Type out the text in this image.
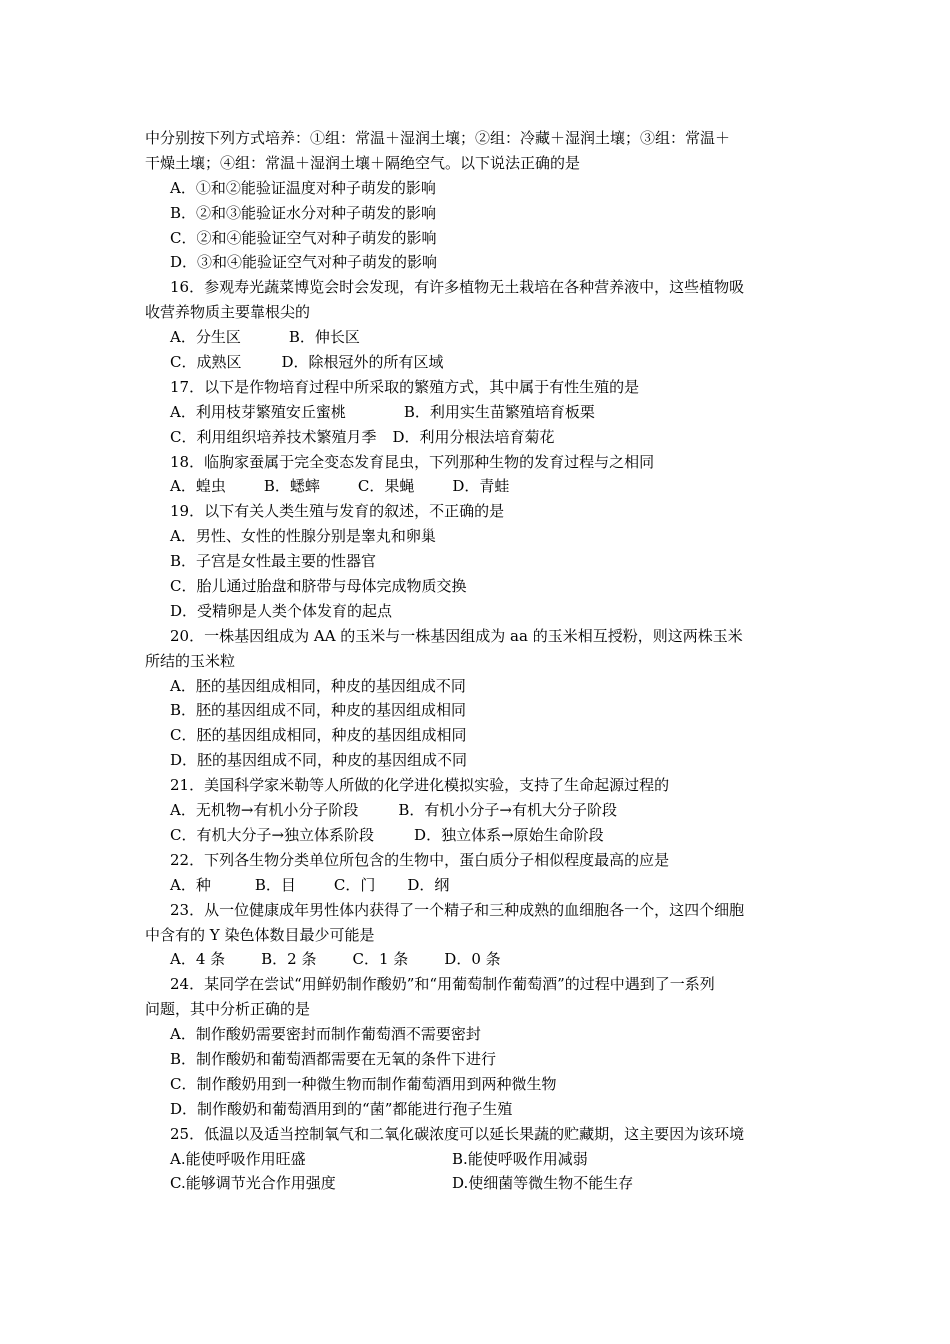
中分别按下列方式培养：①组：常温＋湿润土壤；②组：冷藏＋湿润土壤；③组：常温＋
干燥土壤；④组：常温＋湿润土壤＋隔绝空气。以下说法正确的是
A．①和②能验证温度对种子萌发的影响
B．②和③能验证水分对种子萌发的影响
C．②和④能验证空气对种子萌发的影响
D．③和④能验证空气对种子萌发的影响
16．参观寿光蔬菜博览会时会发现，有许多植物无土栽培在各种营养液中，这些植物吸
收营养物质主要靠根尖的
A．分生区	B．伸长区
C．成熟区	D．除根冠外的所有区域
17．以下是作物培育过程中所采取的繁殖方式，其中属于有性生殖的是
A．利用枝芽繁殖安丘蜜桃	B．利用实生苗繁殖培育板栗
C．利用组织培养技术繁殖月季 D．利用分根法培育菊花
18．临朐家蚕属于完全变态发育昆虫，下列那种生物的发育过程与之相同
A．蝗虫	B．蟋蟀	C．果蝇	D．青蛙
19．以下有关人类生殖与发育的叙述，不正确的是
A．男性、女性的性腺分别是睾丸和卵巢
B．子宫是女性最主要的性器官
C．胎儿通过胎盘和脐带与母体完成物质交换
D．受精卵是人类个体发育的起点
20．一株基因组成为 AA 的玉米与一株基因组成为 aa 的玉米相互授粉，则这两株玉米
所结的玉米粒
A．胚的基因组成相同，种皮的基因组成不同
B．胚的基因组成不同，种皮的基因组成相同
C．胚的基因组成相同，种皮的基因组成相同
D．胚的基因组成不同，种皮的基因组成不同
21．美国科学家米勒等人所做的化学进化模拟实验，支持了生命起源过程的
A．无机物→有机小分子阶段	B．有机小分子→有机大分子阶段
C．有机大分子→独立体系阶段	D．独立体系→原始生命阶段
22．下列各生物分类单位所包含的生物中，蛋白质分子相似程度最高的应是
A．种	B．目	C．门 D．纲
23．从一位健康成年男性体内获得了一个精子和三种成熟的血细胞各一个，这四个细胞
中含有的 Y 染色体数目最少可能是
A．4 条 B．2 条 C．1 条 D．0 条
24．某同学在尝试“用鲜奶制作酸奶”和“用葡萄制作葡萄酒”的过程中遇到了一系列
问题，其中分析正确的是
A．制作酸奶需要密封而制作葡萄酒不需要密封
B．制作酸奶和葡萄酒都需要在无氧的条件下进行
C．制作酸奶用到一种微生物而制作葡萄酒用到两种微生物
D．制作酸奶和葡萄酒用到的“菌”都能进行孢子生殖
25．低温以及适当控制氧气和二氧化碳浓度可以延长果蔬的贮藏期，这主要因为该环境
A.能使呼吸作用旺盛	B.能使呼吸作用减弱
C.能够调节光合作用强度	D.使细菌等微生物不能生存
